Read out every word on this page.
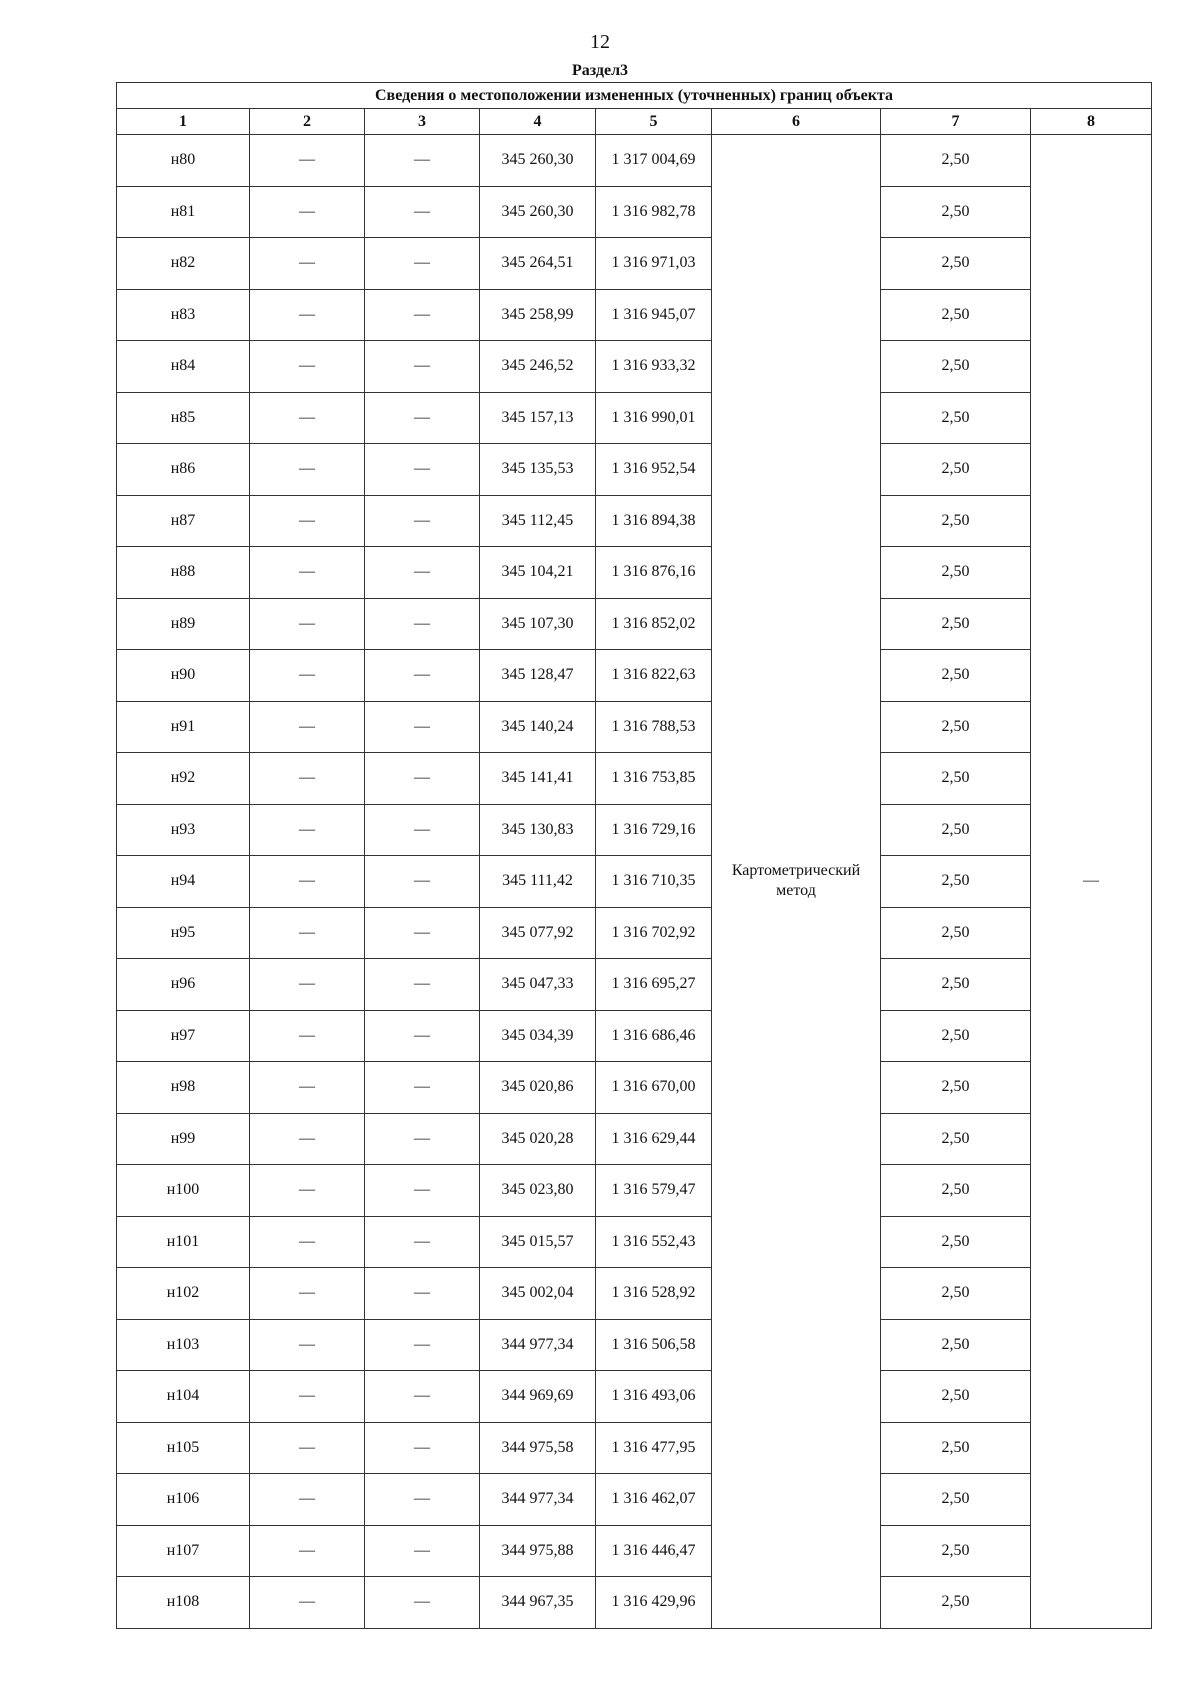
12
Раздел3
Сведения о местоположении измененных (уточненных) границ объекта							
1	2	3	4	5	6	7	8
н80	—	—	345 260,30	1 317 004,69	Картометрический метод	2,50	—
н81	—	—	345 260,30	1 316 982,78		2,50	
н82	—	—	345 264,51	1 316 971,03		2,50	
н83	—	—	345 258,99	1 316 945,07		2,50	
н84	—	—	345 246,52	1 316 933,32		2,50	
н85	—	—	345 157,13	1 316 990,01		2,50	
н86	—	—	345 135,53	1 316 952,54		2,50	
н87	—	—	345 112,45	1 316 894,38		2,50	
н88	—	—	345 104,21	1 316 876,16		2,50	
н89	—	—	345 107,30	1 316 852,02		2,50	
н90	—	—	345 128,47	1 316 822,63		2,50	
н91	—	—	345 140,24	1 316 788,53		2,50	
н92	—	—	345 141,41	1 316 753,85		2,50	
н93	—	—	345 130,83	1 316 729,16		2,50	
н94	—	—	345 111,42	1 316 710,35		2,50	
н95	—	—	345 077,92	1 316 702,92		2,50	
н96	—	—	345 047,33	1 316 695,27		2,50	
н97	—	—	345 034,39	1 316 686,46		2,50	
н98	—	—	345 020,86	1 316 670,00		2,50	
н99	—	—	345 020,28	1 316 629,44		2,50	
н100	—	—	345 023,80	1 316 579,47		2,50	
н101	—	—	345 015,57	1 316 552,43		2,50	
н102	—	—	345 002,04	1 316 528,92		2,50	
н103	—	—	344 977,34	1 316 506,58		2,50	
н104	—	—	344 969,69	1 316 493,06		2,50	
н105	—	—	344 975,58	1 316 477,95		2,50	
н106	—	—	344 977,34	1 316 462,07		2,50	
н107	—	—	344 975,88	1 316 446,47		2,50	
н108	—	—	344 967,35	1 316 429,96		2,50	
